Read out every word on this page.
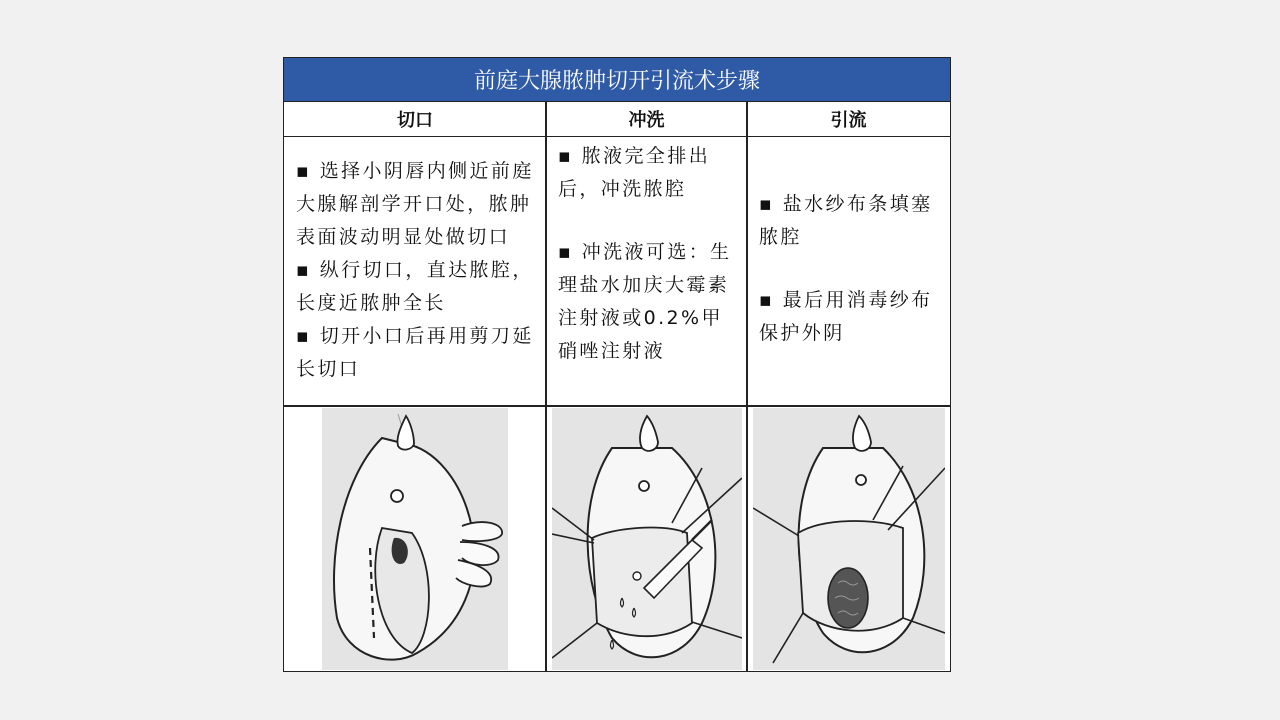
前庭大腺脓肿切开引流术步骤
切口	冲洗	引流

▪ 选择小阴唇内侧近前庭大腺解剖学开口处，脓肿表面波动明显处做切口

▪ 纵行切口，直达脓腔，长度近脓肿全长

▪ 切开小口后再用剪刀延长切口

▪ 脓液完全排出后，冲洗脓腔

▪ 冲洗液可选：生理盐水加庆大霉素注射液或0.2%甲硝唑注射液

▪ 盐水纱布条填塞脓腔

▪ 最后用消毒纱布保护外阴
